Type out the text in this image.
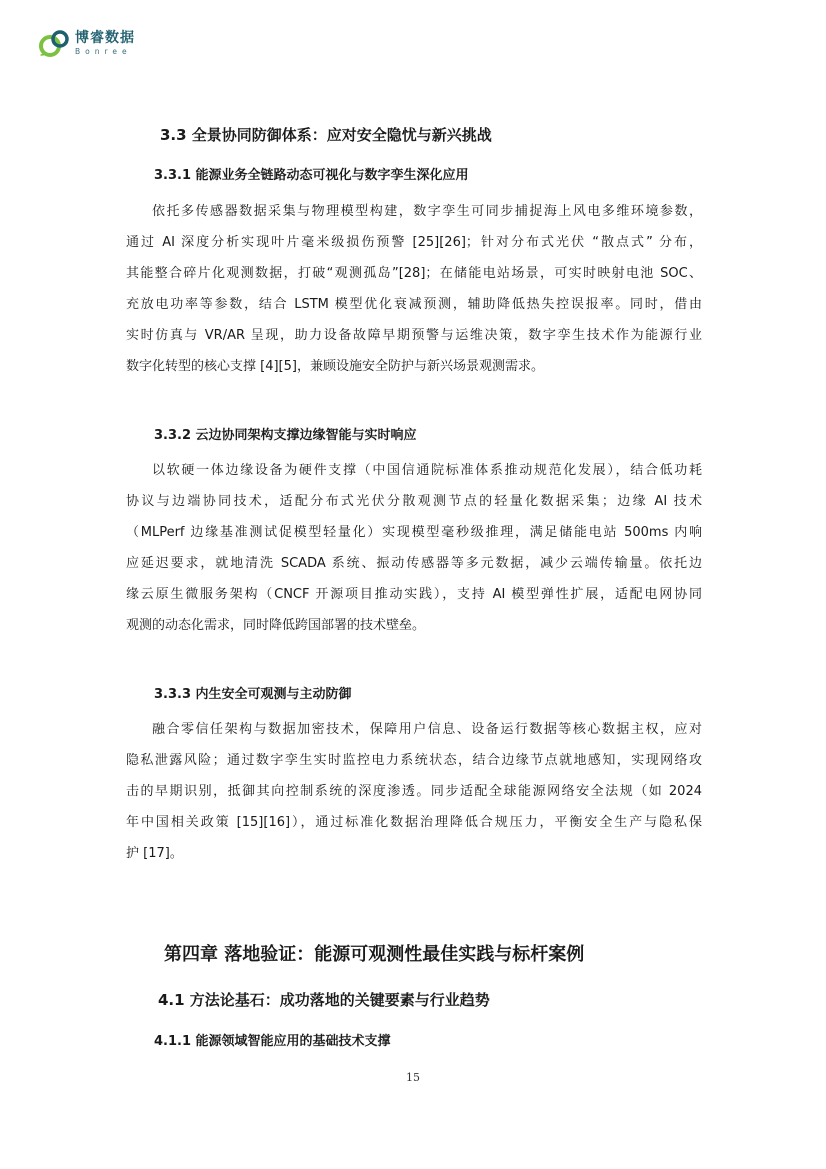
博睿数据
Bonree
3.3 全景协同防御体系：应对安全隐忧与新兴挑战
3.3.1 能源业务全链路动态可视化与数字孪生深化应用
依托多传感器数据采集与物理模型构建，数字孪生可同步捕捉海上风电多维环境参数，
通过 AI 深度分析实现叶片毫米级损伤预警 [25][26]；针对分布式光伏 “散点式” 分布，
其能整合碎片化观测数据，打破“观测孤岛”[28]；在储能电站场景，可实时映射电池 SOC、
充放电功率等参数，结合 LSTM 模型优化衰减预测，辅助降低热失控误报率。同时，借由
实时仿真与 VR/AR 呈现，助力设备故障早期预警与运维决策，数字孪生技术作为能源行业
数字化转型的核心支撑 [4][5]，兼顾设施安全防护与新兴场景观测需求。
3.3.2 云边协同架构支撑边缘智能与实时响应
以软硬一体边缘设备为硬件支撑（中国信通院标准体系推动规范化发展），结合低功耗
协议与边端协同技术，适配分布式光伏分散观测节点的轻量化数据采集；边缘 AI 技术
（MLPerf 边缘基准测试促模型轻量化）实现模型毫秒级推理，满足储能电站 500ms 内响
应延迟要求，就地清洗 SCADA 系统、振动传感器等多元数据，减少云端传输量。依托边
缘云原生微服务架构（CNCF 开源项目推动实践），支持 AI 模型弹性扩展，适配电网协同
观测的动态化需求，同时降低跨国部署的技术壁垒。
3.3.3 内生安全可观测与主动防御
融合零信任架构与数据加密技术，保障用户信息、设备运行数据等核心数据主权，应对
隐私泄露风险；通过数字孪生实时监控电力系统状态，结合边缘节点就地感知，实现网络攻
击的早期识别，抵御其向控制系统的深度渗透。同步适配全球能源网络安全法规（如 2024
年中国相关政策 [15][16]），通过标准化数据治理降低合规压力，平衡安全生产与隐私保
护 [17]。
第四章 落地验证：能源可观测性最佳实践与标杆案例
4.1 方法论基石：成功落地的关键要素与行业趋势
4.1.1 能源领域智能应用的基础技术支撑
15
